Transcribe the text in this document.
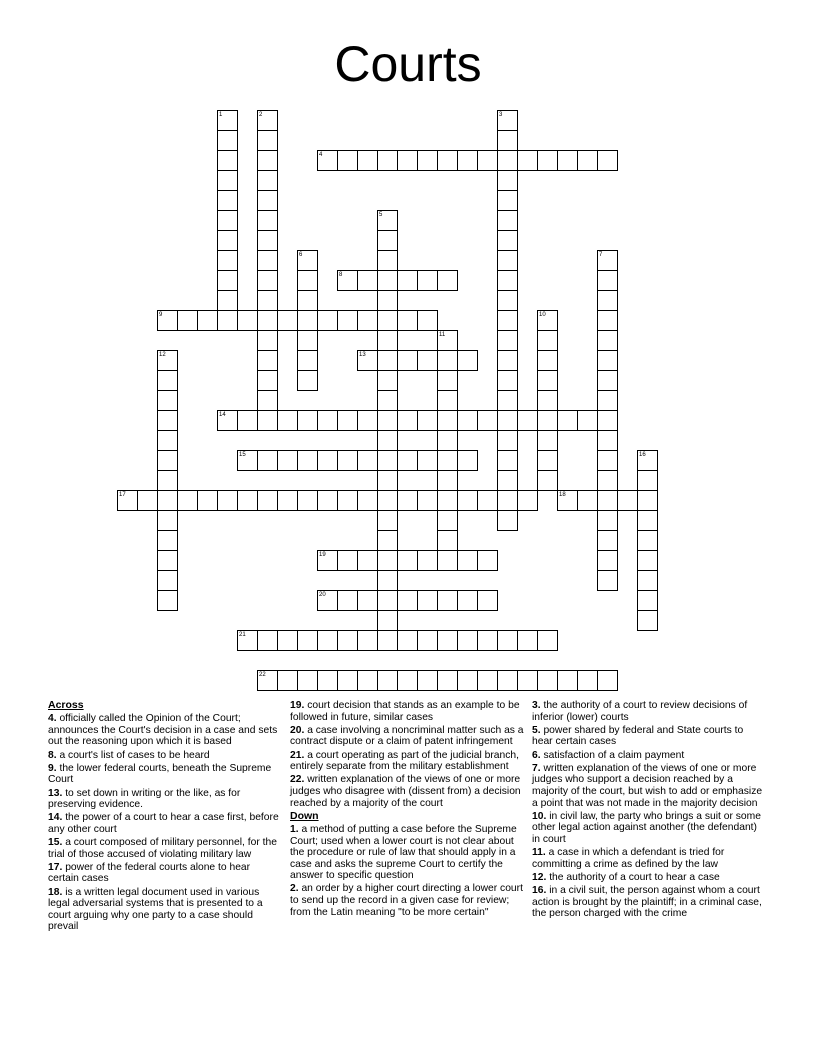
Courts
1	2	3
4
5
6	7
8
9	10
11
12	13
14
15	16
17	18
19
20
21
22

Across

4. officially called the Opinion of the Court; announces the Court's decision in a case and sets out the reasoning upon which it is based

8. a court's list of cases to be heard

9. the lower federal courts, beneath the Supreme Court

13. to set down in writing or the like, as for preserving evidence.

14. the power of a court to hear a case first, before any other court

15. a court composed of military personnel, for the trial of those accused of violating military law

17. power of the federal courts alone to hear certain cases

18. is a written legal document used in various legal adversarial systems that is presented to a court arguing why one party to a case should prevail

19. court decision that stands as an example to be followed in future, similar cases

20. a case involving a noncriminal matter such as a contract dispute or a claim of patent infringement

21. a court operating as part of the judicial branch, entirely separate from the military establishment

22. written explanation of the views of one or more judges who disagree with (dissent from) a decision reached by a majority of the court

Down

1. a method of putting a case before the Supreme Court; used when a lower court is not clear about the procedure or rule of law that should apply in a case and asks the supreme Court to certify the answer to specific question

2. an order by a higher court directing a lower court to send up the record in a given case for review; from the Latin meaning "to be more certain"

3. the authority of a court to review decisions of inferior (lower) courts

5. power shared by federal and State courts to hear certain cases

6. satisfaction of a claim payment

7. written explanation of the views of one or more judges who support a decision reached by a majority of the court, but wish to add or emphasize a point that was not made in the majority decision

10. in civil law, the party who brings a suit or some other legal action against another (the defendant) in court

11. a case in which a defendant is tried for committing a crime as defined by the law

12. the authority of a court to hear a case

16. in a civil suit, the person against whom a court action is brought by the plaintiff; in a criminal case, the person charged with the crime
